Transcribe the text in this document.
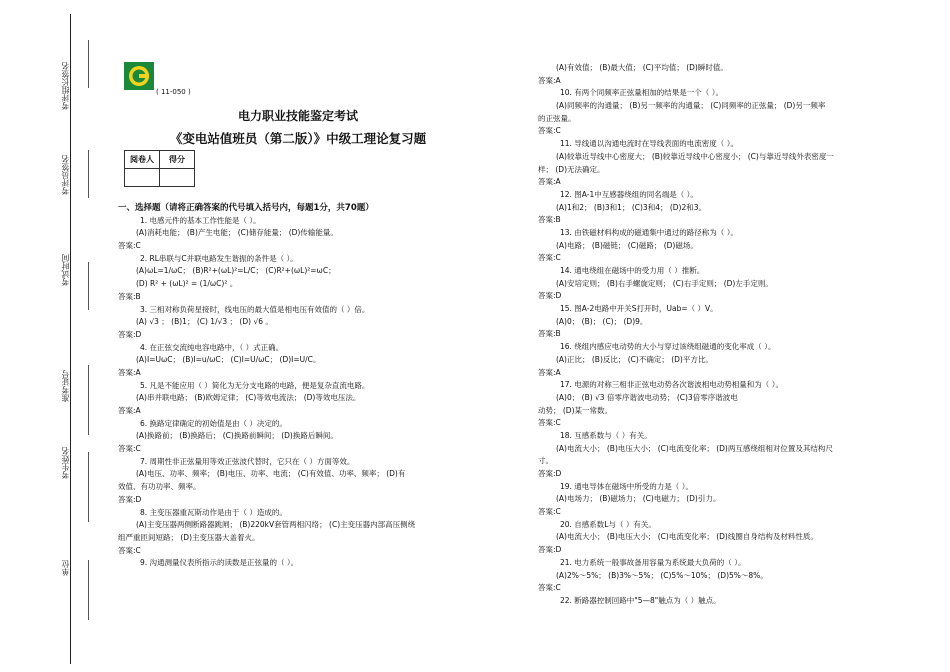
考评组长签名
考评员签名
考试时间
准考证号
考生姓名
单位
( 11-050 )
电力职业技能鉴定考试
《变电站值班员（第二版）》中级工理论复习题
阅卷人	得分

一、选择题（请将正确答案的代号填入括号内，每题1分，共70题）
1. 电感元件的基本工作性能是（ ）。
(A)消耗电能； (B)产生电能； (C)储存能量； (D)传输能量。
答案:C
2. RL串联与C并联电路发生谐振的条件是（ ）。
(A)ωL=1/ωC； (B)R²+(ωL)²=L/C； (C)R²+(ωL)²=ωC；
(D) R² + (ωL)² = (1/ωC)² 。
答案:B
3. 三相对称负荷星接时，线电压的最大值是相电压有效值的（ ）倍。
(A) √3 ； (B)1； (C) 1/√3 ； (D) √6 。
答案:D
4. 在正弦交流纯电容电路中，（ ）式正确。
(A)I=UωC； (B)I=u/ωC； (C)I=U/ωC； (D)I=U/C。
答案:A
5. 凡是不能应用（ ）简化为无分支电路的电路，便是复杂直流电路。
(A)串并联电路； (B)欧姆定律； (C)等效电流法； (D)等效电压法。
答案:A
6. 换路定律确定的初始值是由（ ）决定的。
(A)换路前； (B)换路后； (C)换路前瞬间； (D)换路后瞬间。
答案:C
7. 周期性非正弦量用等效正弦波代替时，它只在（ ）方面等效。
(A)电压、功率、频率； (B)电压、功率、电流； (C)有效值、功率、频率； (D)有
效值、有功功率、频率。
答案:D
8. 主变压器重瓦斯动作是由于（ ）造成的。
(A)主变压器两侧断路器跳闸； (B)220kV套管两相闪络； (C)主变压器内部高压侧绕
组严重匝间短路； (D)主变压器大盖着火。
答案:C
9. 沟通测量仪表所指示的读数是正弦量的（ ）。
(A)有效值； (B)最大值； (C)平均值； (D)瞬时值。
答案:A
10. 有两个同频率正弦量相加的结果是一个（ ）。
(A)同频率的沟通量； (B)另一频率的沟通量； (C)同频率的正弦量； (D)另一频率
的正弦量。
答案:C
11. 导线通以沟通电流时在导线表面的电流密度（ ）。
(A)较靠近导线中心密度大； (B)较靠近导线中心密度小； (C)与靠近导线外表密度一
样； (D)无法确定。
答案:A
12. 图A-1中互感器绕组的同名端是（ ）。
(A)1和2； (B)3和1； (C)3和4； (D)2和3。
答案:B
13. 由铁磁材料构成的磁通集中通过的路径称为（ ）。
(A)电路； (B)磁链； (C)磁路； (D)磁场。
答案:C
14. 通电绕组在磁场中的受力用（ ）推断。
(A)安培定则； (B)右手螺旋定则； (C)右手定则； (D)左手定则。
答案:D
15. 图A-2电路中开关S打开时，Uab=（ ）V。
(A)0； (B)； (C)； (D)9。
答案:B
16. 绕组内感应电动势的大小与穿过该绕组磁通的变化率成（ ）。
(A)正比； (B)反比； (C)不确定； (D)平方比。
答案:A
17. 电源的对称三相非正弦电动势各次谐波相电动势相量和为（ ）。
(A)0； (B) √3 倍零序谐波电动势； (C)3倍零序谐波电
动势； (D)某一常数。
答案:C
18. 互感系数与（ ）有关。
(A)电流大小； (B)电压大小； (C)电流变化率； (D)两互感绕组相对位置及其结构尺
寸。
答案:D
19. 通电导体在磁场中所受的力是（ ）。
(A)电场力； (B)磁场力； (C)电磁力； (D)引力。
答案:C
20. 自感系数L与（ ）有关。
(A)电流大小； (B)电压大小； (C)电流变化率； (D)线圈自身结构及材料性质。
答案:D
21. 电力系统一般事故备用容量为系统最大负荷的（ ）。
(A)2%～5%； (B)3%～5%； (C)5%～10%； (D)5%～8%。
答案:C
22. 断路器控制回路中"5—8"触点为（ ）触点。
